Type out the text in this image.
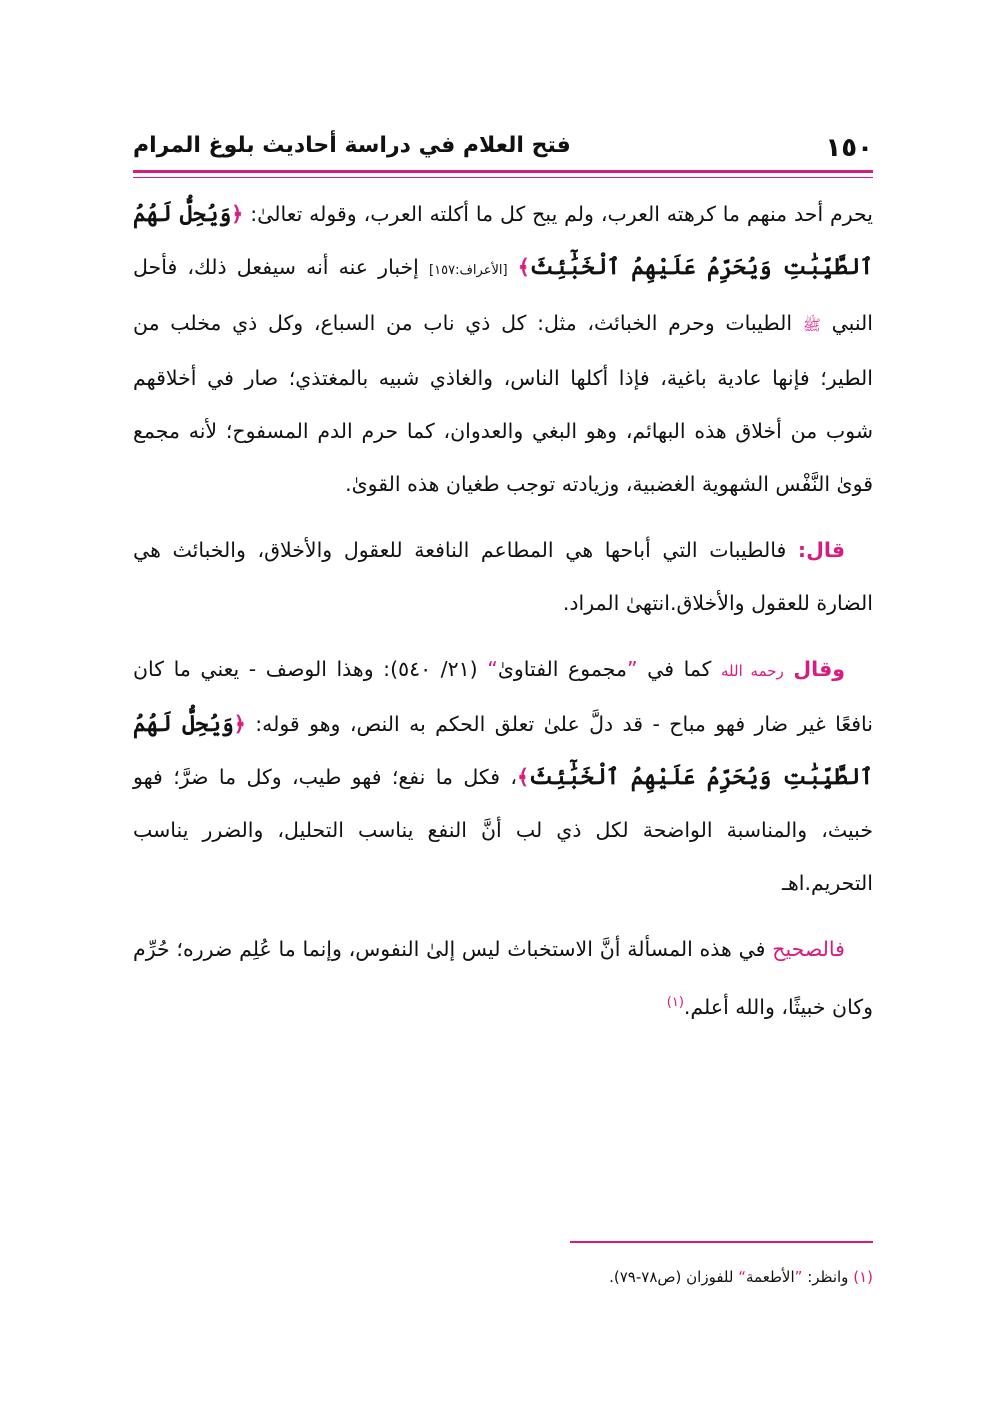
١٥٠
فتح العلام في دراسة أحاديث بلوغ المرام

يحرم أحد منهم ما كرهته العرب، ولم يبح كل ما أكلته العرب، وقوله تعالىٰ: ﴿وَيُحِلُّ لَهُمُ ٱلطَّيِّبَٰتِ وَيُحَرِّمُ عَلَيْهِمُ ٱلْخَبَٰٓئِثَ﴾ [الأعراف:١٥٧] إخبار عنه أنه سيفعل ذلك، فأحل النبي ﷺ الطيبات وحرم الخبائث، مثل: كل ذي ناب من السباع، وكل ذي مخلب من الطير؛ فإنها عادية باغية، فإذا أكلها الناس، والغاذي شبيه بالمغتذي؛ صار في أخلاقهم شوب من أخلاق هذه البهائم، وهو البغي والعدوان، كما حرم الدم المسفوح؛ لأنه مجمع قوىٰ النَّفْس الشهوية الغضبية، وزيادته توجب طغيان هذه القوىٰ.

قال: فالطيبات التي أباحها هي المطاعم النافعة للعقول والأخلاق، والخبائث هي الضارة للعقول والأخلاق.انتهىٰ المراد.

وقال رحمه الله كما في ”مجموع الفتاوىٰ“ (٢١/ ٥٤٠): وهذا الوصف - يعني ما كان نافعًا غير ضار فهو مباح - قد دلَّ علىٰ تعلق الحكم به النص، وهو قوله: ﴿وَيُحِلُّ لَهُمُ ٱلطَّيِّبَٰتِ وَيُحَرِّمُ عَلَيْهِمُ ٱلْخَبَٰٓئِثَ﴾، فكل ما نفع؛ فهو طيب، وكل ما ضرَّ؛ فهو خبيث، والمناسبة الواضحة لكل ذي لب أنَّ النفع يناسب التحليل، والضرر يناسب التحريم.اهـ

فالصحيح في هذه المسألة أنَّ الاستخباث ليس إلىٰ النفوس، وإنما ما عُلِم ضرره؛ حُرِّم وكان خبيثًا، والله أعلم.$^{(١)}$

(١) وانظر: ”الأطعمة“ للفوزان (ص٧٨-٧٩).
